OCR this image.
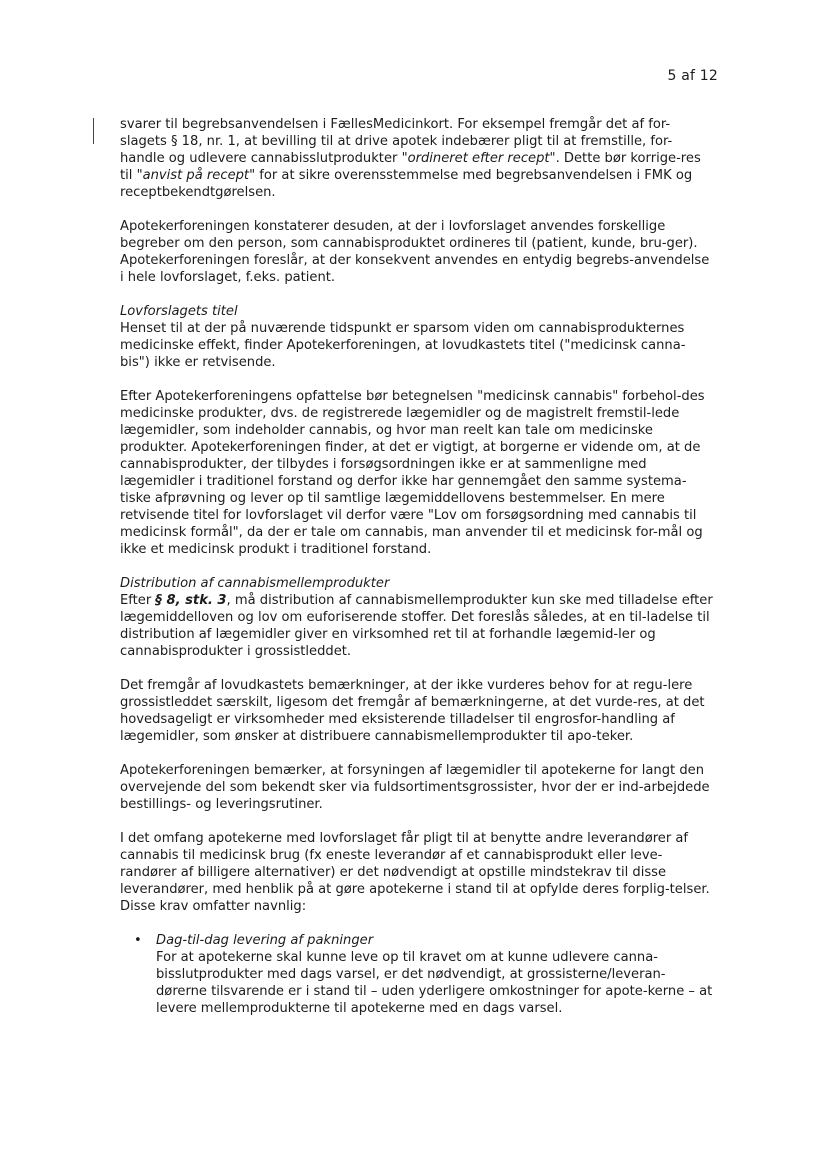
5 af 12

svarer til begrebsanvendelsen i FællesMedicinkort. For eksempel fremgår det af for-slagets § 18, nr. 1, at bevilling til at drive apotek indebærer pligt til at fremstille, for-handle og udlevere cannabisslutprodukter "ordineret efter recept". Dette bør korrige-res til "anvist på recept" for at sikre overensstemmelse med begrebsanvendelsen i FMK og receptbekendtgørelsen.

Apotekerforeningen konstaterer desuden, at der i lovforslaget anvendes forskellige begreber om den person, som cannabisproduktet ordineres til (patient, kunde, bru-ger). Apotekerforeningen foreslår, at der konsekvent anvendes en entydig begrebs-anvendelse i hele lovforslaget, f.eks. patient.

Lovforslagets titel

Henset til at der på nuværende tidspunkt er sparsom viden om cannabisprodukternes medicinske effekt, finder Apotekerforeningen, at lovudkastets titel ("medicinsk canna-bis") ikke er retvisende.

Efter Apotekerforeningens opfattelse bør betegnelsen "medicinsk cannabis" forbehol-des medicinske produkter, dvs. de registrerede lægemidler og de magistrelt fremstil-lede lægemidler, som indeholder cannabis, og hvor man reelt kan tale om medicinske produkter. Apotekerforeningen finder, at det er vigtigt, at borgerne er vidende om, at de cannabisprodukter, der tilbydes i forsøgsordningen ikke er at sammenligne med lægemidler i traditionel forstand og derfor ikke har gennemgået den samme systema-tiske afprøvning og lever op til samtlige lægemiddellovens bestemmelser. En mere retvisende titel for lovforslaget vil derfor være "Lov om forsøgsordning med cannabis til medicinsk formål", da der er tale om cannabis, man anvender til et medicinsk for-mål og ikke et medicinsk produkt i traditionel forstand.

Distribution af cannabismellemprodukter

Efter § 8, stk. 3, må distribution af cannabismellemprodukter kun ske med tilladelse efter lægemiddelloven og lov om euforiserende stoffer. Det foreslås således, at en til-ladelse til distribution af lægemidler giver en virksomhed ret til at forhandle lægemid-ler og cannabisprodukter i grossistleddet.

Det fremgår af lovudkastets bemærkninger, at der ikke vurderes behov for at regu-lere grossistleddet særskilt, ligesom det fremgår af bemærkningerne, at det vurde-res, at det hovedsageligt er virksomheder med eksisterende tilladelser til engrosfor-handling af lægemidler, som ønsker at distribuere cannabismellemprodukter til apo-teker.

Apotekerforeningen bemærker, at forsyningen af lægemidler til apotekerne for langt den overvejende del som bekendt sker via fuldsortimentsgrossister, hvor der er ind-arbejdede bestillings- og leveringsrutiner.

I det omfang apotekerne med lovforslaget får pligt til at benytte andre leverandører af cannabis til medicinsk brug (fx eneste leverandør af et cannabisprodukt eller leve-randører af billigere alternativer) er det nødvendigt at opstille mindstekrav til disse leverandører, med henblik på at gøre apotekerne i stand til at opfylde deres forplig-telser. Disse krav omfatter navnlig:

• Dag-til-dag levering af pakninger
For at apotekerne skal kunne leve op til kravet om at kunne udlevere canna-bisslutprodukter med dags varsel, er det nødvendigt, at grossisterne/leveran-dørerne tilsvarende er i stand til – uden yderligere omkostninger for apote-kerne – at levere mellemprodukterne til apotekerne med en dags varsel.
